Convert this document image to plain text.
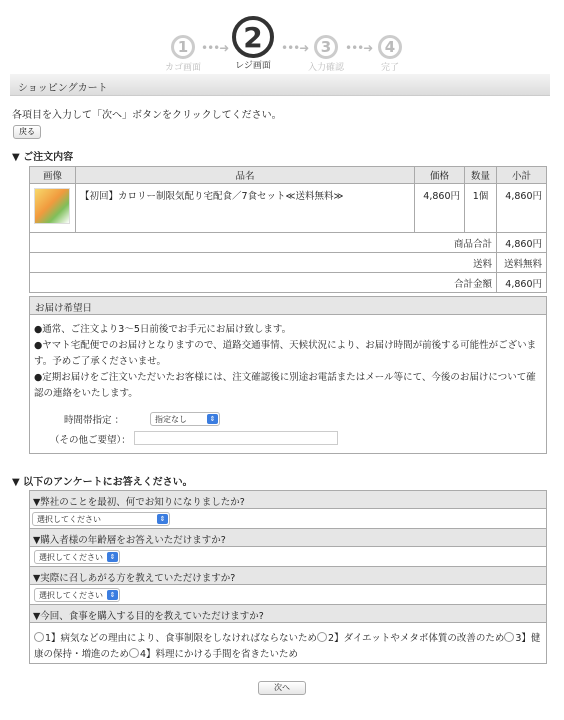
1
カゴ画面
•••➜ 2
レジ画面
•••➜ 3
入力確認
•••➜ 4
完了
ショッピングカート
各項目を入力して「次へ」ボタンをクリックしてください。
戻る
▼ ご注文内容
画像	品名	価格	数量	小計

	【初回】カロリー制限気配り宅配食／7食セット≪送料無料≫	4,860円	1個	4,860円
商品合計				4,860円
送料				送料無料
合計金額				4,860円
お届け希望日
●通常、ご注文より3〜5日前後でお手元にお届け致します。
●ヤマト宅配便でのお届けとなりますので、道路交通事情、天候状況により、お届け時間が前後する可能性がございます。予めご了承くださいませ。
●定期お届けをご注文いただいたお客様には、注文確認後に別途お電話またはメール等にて、今後のお届けについて確認の連絡をいたします。
時間帯指定 ：	指定なし	⇕
（その他ご要望）：
▼ 以下のアンケートにお答えください。
▼弊社のことを最初、何でお知りになりましたか?
選択してください	⇕
▼購入者様の年齢層をお答えいただけますか?
選択してください ⇕
▼実際に召しあがる方を教えていただけますか?
選択してください ⇕
▼今回、食事を購入する目的を教えていただけますか?
1】病気などの理由により、食事制限をしなければならないため 2】ダイエットやメタボ体質の改善のため 3】健康の保持・増進のため 4】料理にかける手間を省きたいため
次へ
